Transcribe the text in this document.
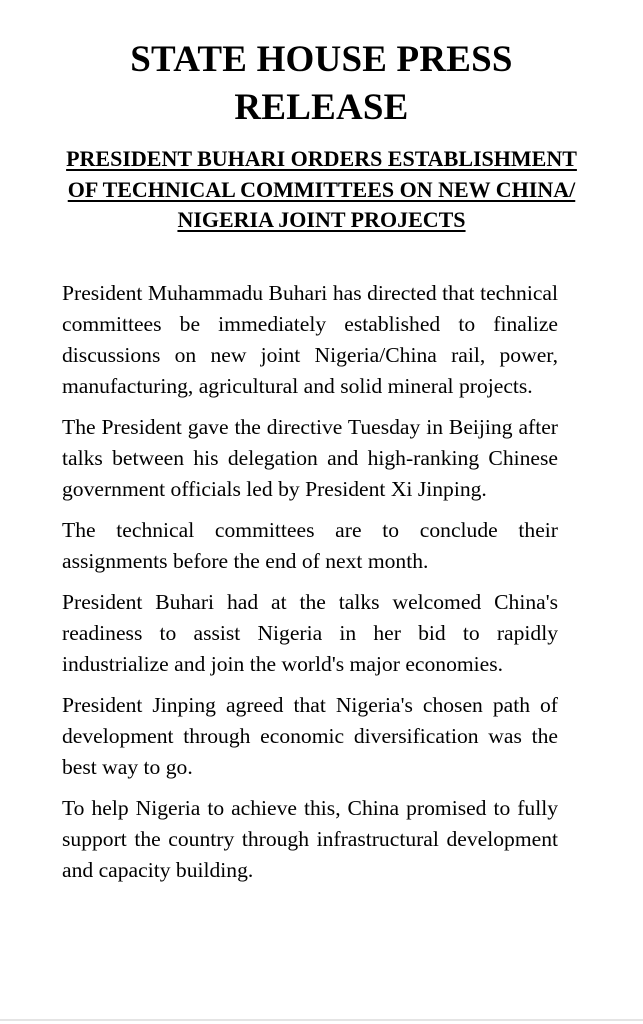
STATE HOUSE PRESS RELEASE
PRESIDENT BUHARI ORDERS ESTABLISHMENT OF TECHNICAL COMMITTEES ON NEW CHINA/ NIGERIA JOINT PROJECTS

President Muhammadu Buhari has directed that technical committees be immediately established to finalize discussions on new joint Nigeria/China rail, power, manufacturing, agricultural and solid mineral projects.

The President gave the directive Tuesday in Beijing after talks between his delegation and high-ranking Chinese government officials led by President Xi Jinping.

The technical committees are to conclude their assignments before the end of next month.

President Buhari had at the talks welcomed China's readiness to assist Nigeria in her bid to rapidly industrialize and join the world's major economies.

President Jinping agreed that Nigeria's chosen path of development through economic diversification was the best way to go.

To help Nigeria to achieve this, China promised to fully support the country through infrastructural development and capacity building.
